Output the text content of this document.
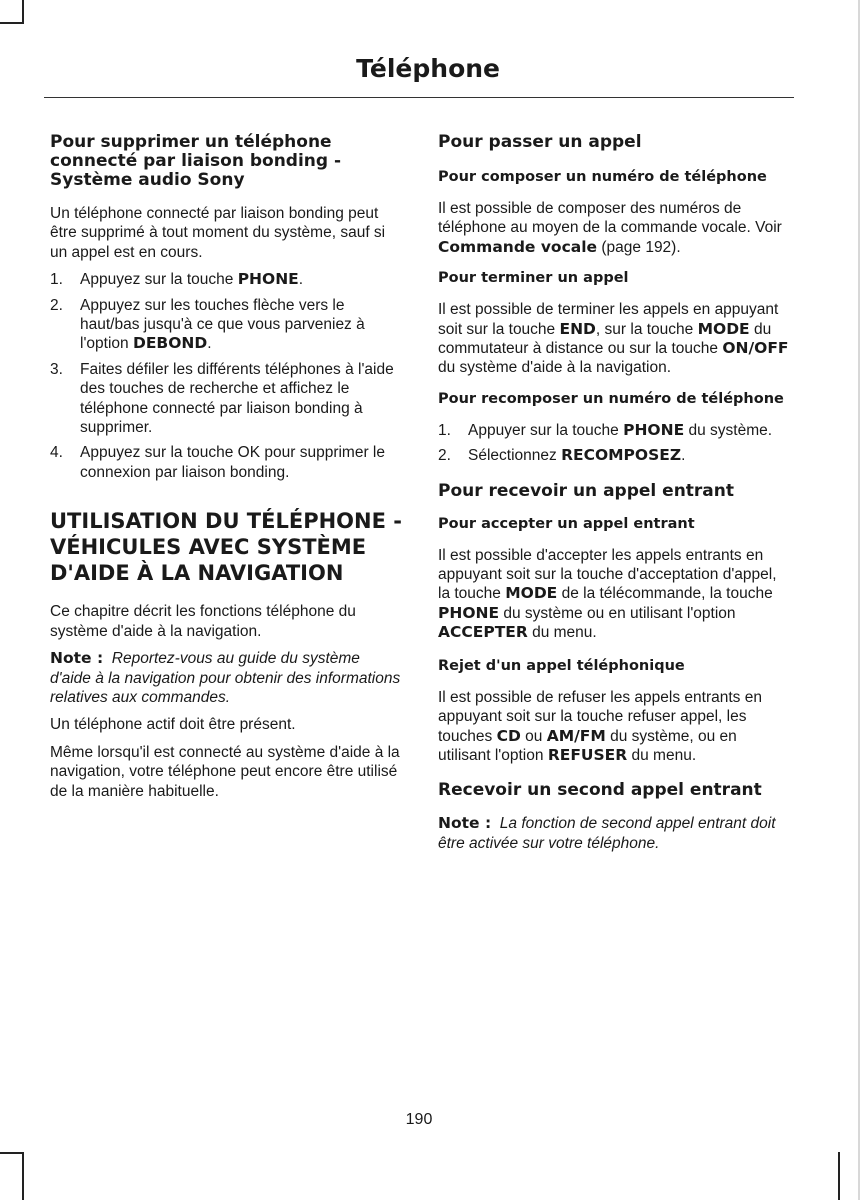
Téléphone
Pour supprimer un téléphone connecté par liaison bonding - Système audio Sony

Un téléphone connecté par liaison bonding peut être supprimé à tout moment du système, sauf si un appel est en cours.

1. Appuyez sur la touche PHONE.
2. Appuyez sur les touches flèche vers le haut/bas jusqu'à ce que vous parveniez à l'option DEBOND.
3. Faites défiler les différents téléphones à l'aide des touches de recherche et affichez le téléphone connecté par liaison bonding à supprimer.
4. Appuyez sur la touche OK pour supprimer le connexion par liaison bonding.
UTILISATION DU TÉLÉPHONE - VÉHICULES AVEC SYSTÈME D'AIDE À LA NAVIGATION

Ce chapitre décrit les fonctions téléphone du système d'aide à la navigation.

Note : Reportez-vous au guide du système d'aide à la navigation pour obtenir des informations relatives aux commandes.

Un téléphone actif doit être présent.

Même lorsqu'il est connecté au système d'aide à la navigation, votre téléphone peut encore être utilisé de la manière habituelle.

Pour passer un appel
Pour composer un numéro de téléphone

Il est possible de composer des numéros de téléphone au moyen de la commande vocale. Voir Commande vocale (page 192).

Pour terminer un appel

Il est possible de terminer les appels en appuyant soit sur la touche END, sur la touche MODE du commutateur à distance ou sur la touche ON/OFF du système d'aide à la navigation.

Pour recomposer un numéro de téléphone
1. Appuyer sur la touche PHONE du système.
2. Sélectionnez RECOMPOSEZ.
Pour recevoir un appel entrant
Pour accepter un appel entrant

Il est possible d'accepter les appels entrants en appuyant soit sur la touche d'acceptation d'appel, la touche MODE de la télécommande, la touche PHONE du système ou en utilisant l'option ACCEPTER du menu.

Rejet d'un appel téléphonique

Il est possible de refuser les appels entrants en appuyant soit sur la touche refuser appel, les touches CD ou AM/FM du système, ou en utilisant l'option REFUSER du menu.

Recevoir un second appel entrant

Note : La fonction de second appel entrant doit être activée sur votre téléphone.

190
